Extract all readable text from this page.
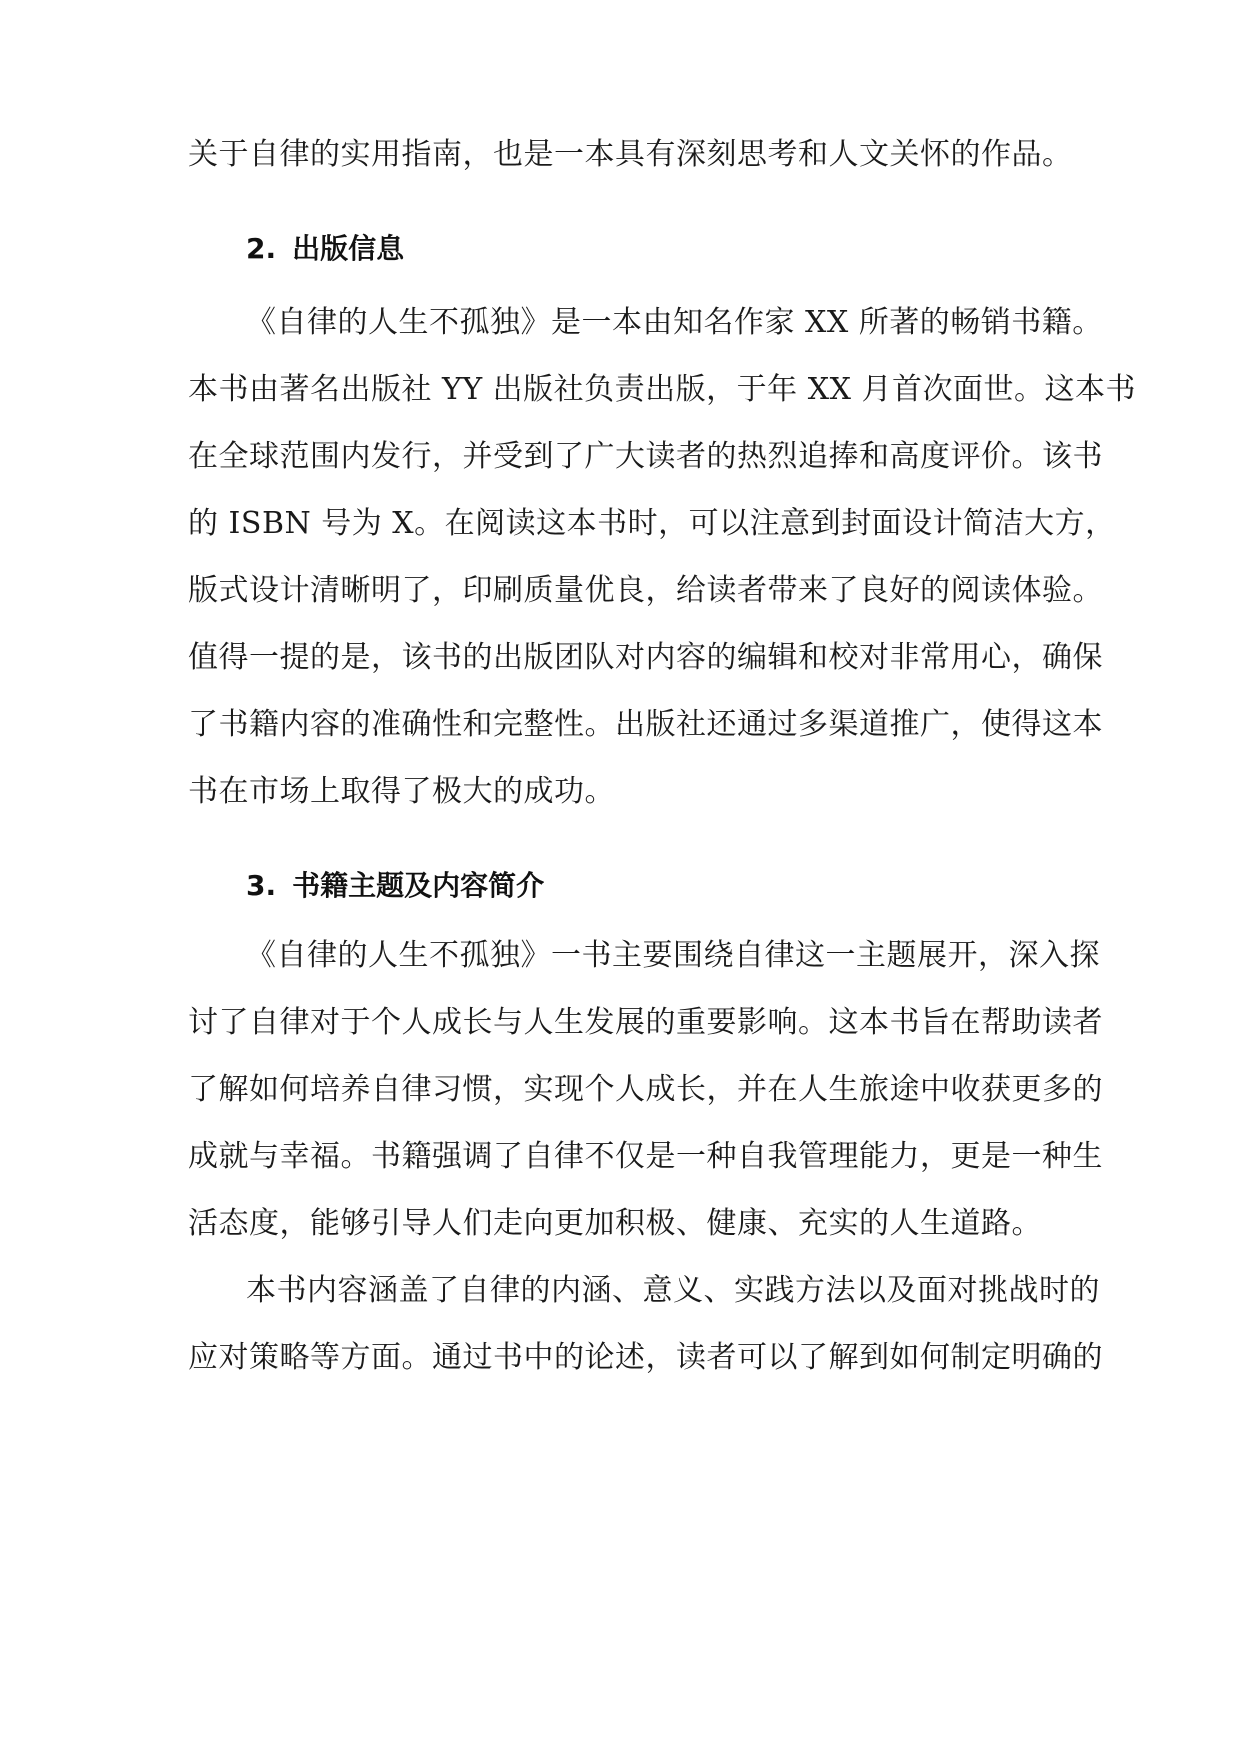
关于自律的实用指南，也是一本具有深刻思考和人文关怀的作品。
2. 出版信息
《自律的人生不孤独》是一本由知名作家 XX 所著的畅销书籍。
本书由著名出版社 YY 出版社负责出版，于年 XX 月首次面世。这本书
在全球范围内发行，并受到了广大读者的热烈追捧和高度评价。该书
的 ISBN 号为 X。在阅读这本书时，可以注意到封面设计简洁大方，
版式设计清晰明了，印刷质量优良，给读者带来了良好的阅读体验。
值得一提的是，该书的出版团队对内容的编辑和校对非常用心，确保
了书籍内容的准确性和完整性。出版社还通过多渠道推广，使得这本
书在市场上取得了极大的成功。
3. 书籍主题及内容简介
《自律的人生不孤独》一书主要围绕自律这一主题展开，深入探
讨了自律对于个人成长与人生发展的重要影响。这本书旨在帮助读者
了解如何培养自律习惯，实现个人成长，并在人生旅途中收获更多的
成就与幸福。书籍强调了自律不仅是一种自我管理能力，更是一种生
活态度，能够引导人们走向更加积极、健康、充实的人生道路。
本书内容涵盖了自律的内涵、意义、实践方法以及面对挑战时的
应对策略等方面。通过书中的论述，读者可以了解到如何制定明确的
